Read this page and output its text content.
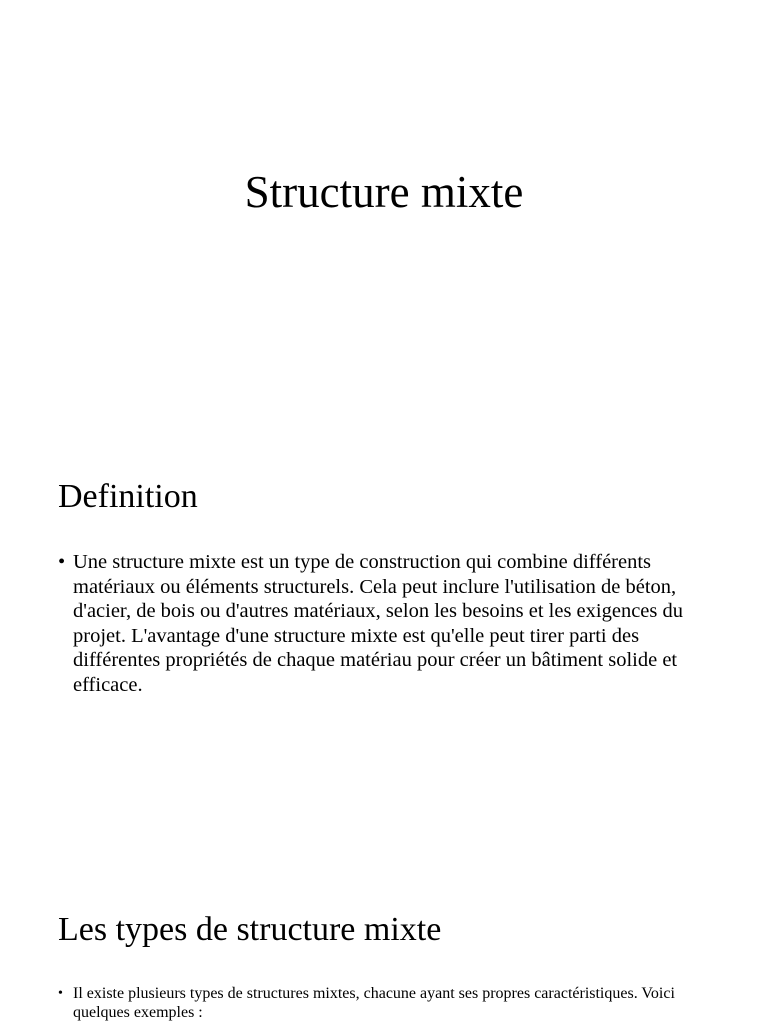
Structure mixte
Definition
• Une structure mixte est un type de construction qui combine différents matériaux ou éléments structurels. Cela peut inclure l'utilisation de béton, d'acier, de bois ou d'autres matériaux, selon les besoins et les exigences du projet. L'avantage d'une structure mixte est qu'elle peut tirer parti des différentes propriétés de chaque matériau pour créer un bâtiment solide et efficace.
Les types de structure mixte
• Il existe plusieurs types de structures mixtes, chacune ayant ses propres caractéristiques. Voici quelques exemples :
